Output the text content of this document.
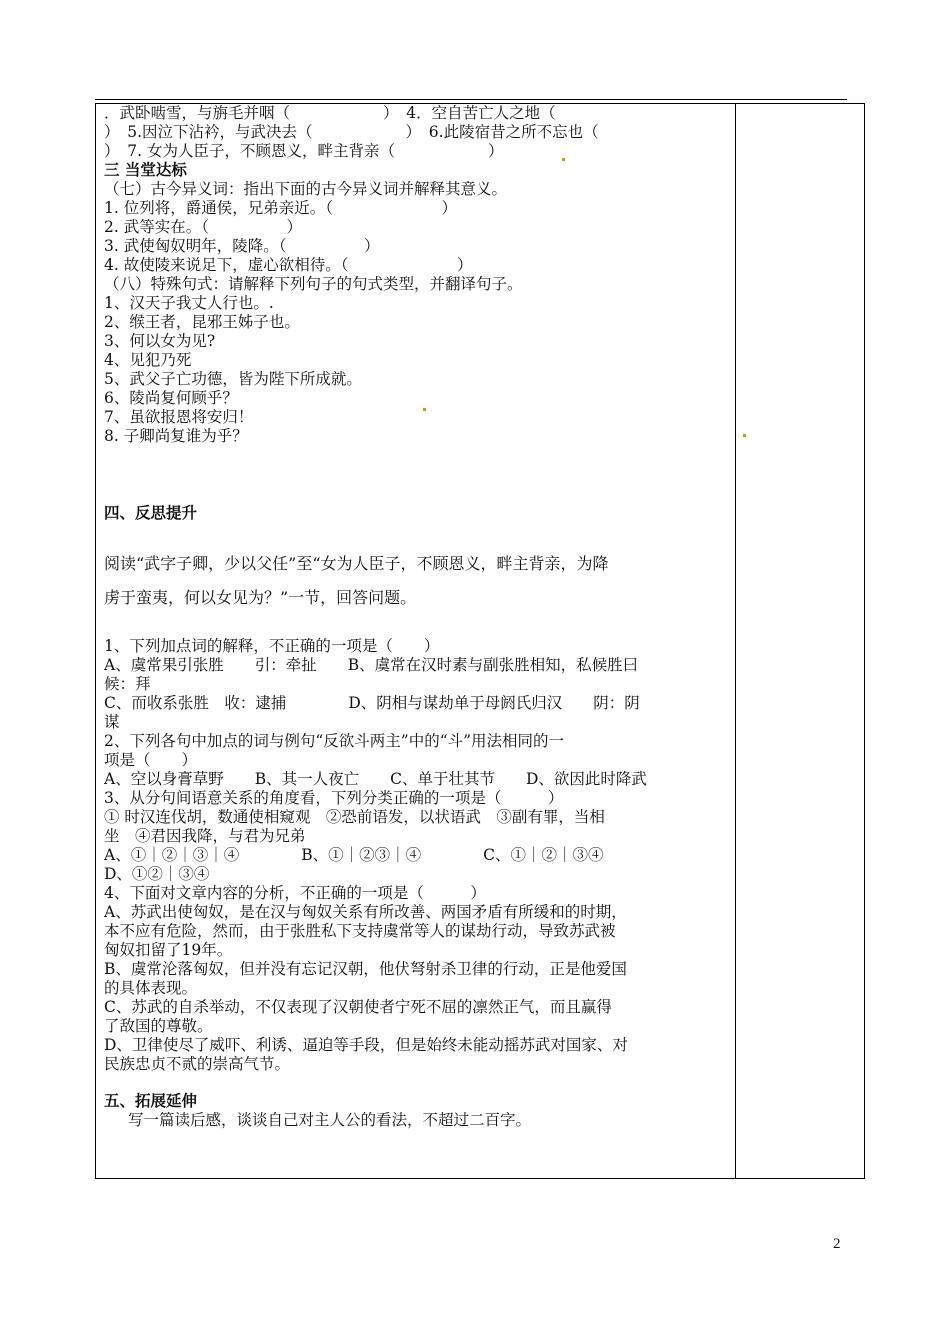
．武卧啮雪，与旃毛并咽（　　　　　　）　4．空自苦亡人之地（
）　5.因泣下沾衿，与武决去（　　　　　　）　6.此陵宿昔之所不忘也（
）　7. 女为人臣子，不顾恩义，畔主背亲（　　　　　　）
三 当堂达标
（七）古今异义词：指出下面的古今异义词并解释其意义。
1. 位列将，爵通侯，兄弟亲近。（　　　　　　　）
2. 武等实在。（　　　　　）
3. 武使匈奴明年，陵降。（　　　　　）
4. 故使陵来说足下，虚心欲相待。（　　　　　　　）
（八）特殊句式：请解释下列句子的句式类型，并翻译句子。
1、汉天子我丈人行也。.
2、缑王者，昆邪王姊子也。
3、何以女为见?
4、见犯乃死
5、武父子亡功德，皆为陛下所成就。
6、陵尚复何顾乎？
7、虽欲报恩将安归！
8. 子卿尚复谁为乎？
四、反思提升
阅读“武字子卿，少以父任”至“女为人臣子，不顾恩义，畔主背亲，为降
虏于蛮夷，何以女见为？”一节，回答问题。
1、下列加点词的解释，不正确的一项是（　　）
A、虞常果引张胜　　引：牵扯　　B、虞常在汉时素与副张胜相知，私候胜曰
候：拜
C、而收系张胜　收：逮捕　　　　D、阴相与谋劫单于母阏氏归汉　　阴：阴
谋
2、下列各句中加点的词与例句“反欲斗两主”中的“斗”用法相同的一
项是（　　）
A、空以身膏草野　　B、其一人夜亡　　C、单于壮其节　　D、欲因此时降武
3、从分句间语意关系的角度看，下列分类正确的一项是（　　　）
① 时汉连伐胡，数通使相窥观　②恐前语发，以状语武　③副有罪，当相
坐　④君因我降，与君为兄弟
A、①｜②｜③｜④　　　　B、①｜②③｜④　　　　C、①｜②｜③④
D、①②｜③④
4、下面对文章内容的分析，不正确的一项是（　　　）
A、苏武出使匈奴，是在汉与匈奴关系有所改善、两国矛盾有所缓和的时期，
本不应有危险，然而，由于张胜私下支持虞常等人的谋劫行动，导致苏武被
匈奴扣留了19年。
B、虞常沦落匈奴，但并没有忘记汉朝，他伏弩射杀卫律的行动，正是他爱国
的具体表现。
C、苏武的自杀举动，不仅表现了汉朝使者宁死不屈的凛然正气，而且赢得
了敌国的尊敬。
D、卫律使尽了威吓、利诱、逼迫等手段，但是始终未能动摇苏武对国家、对
民族忠贞不贰的崇高气节。
五、拓展延伸
写一篇读后感，谈谈自己对主人公的看法，不超过二百字。
2
